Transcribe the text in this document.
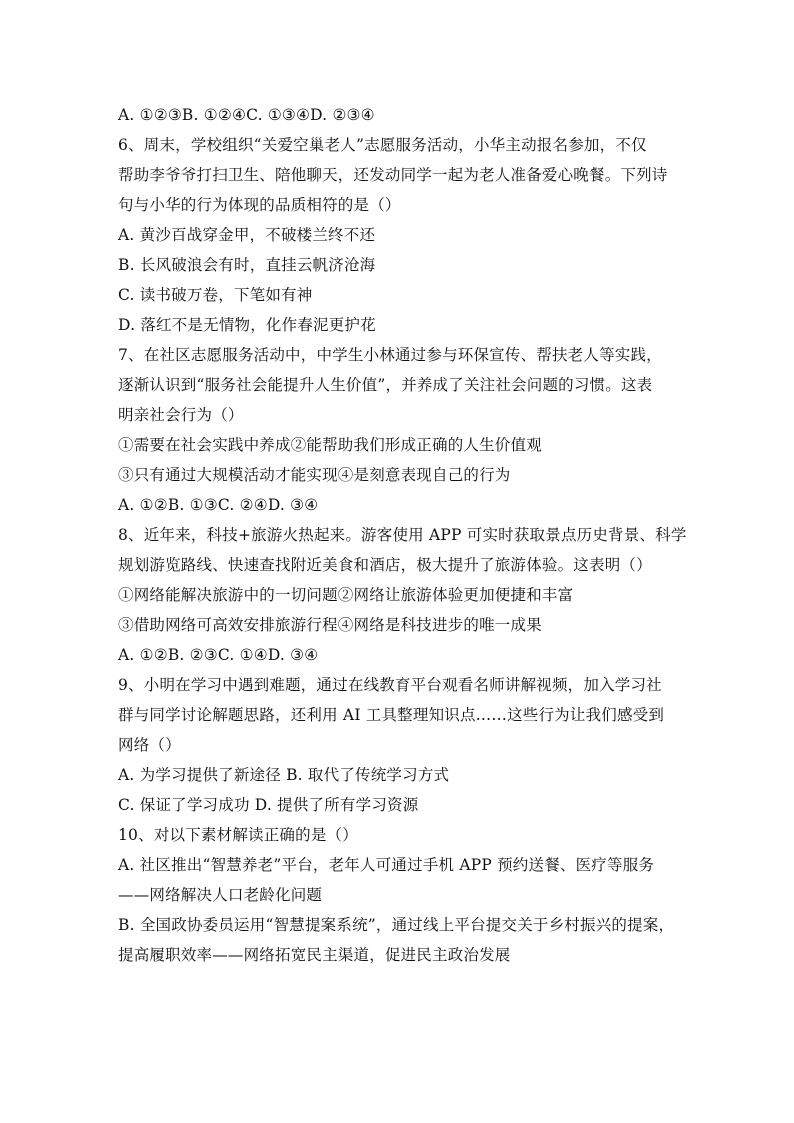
A. ①②③B. ①②④C. ①③④D. ②③④
6、周末，学校组织“关爱空巢老人”志愿服务活动，小华主动报名参加，不仅
帮助李爷爷打扫卫生、陪他聊天，还发动同学一起为老人准备爱心晚餐。下列诗
句与小华的行为体现的品质相符的是（）
A. 黄沙百战穿金甲，不破楼兰终不还
B. 长风破浪会有时，直挂云帆济沧海
C. 读书破万卷，下笔如有神
D. 落红不是无情物，化作春泥更护花
7、在社区志愿服务活动中，中学生小林通过参与环保宣传、帮扶老人等实践，
逐渐认识到“服务社会能提升人生价值”，并养成了关注社会问题的习惯。这表
明亲社会行为（）
①需要在社会实践中养成②能帮助我们形成正确的人生价值观
③只有通过大规模活动才能实现④是刻意表现自己的行为
A. ①②B. ①③C. ②④D. ③④
8、近年来，科技+旅游火热起来。游客使用 APP 可实时获取景点历史背景、科学
规划游览路线、快速查找附近美食和酒店，极大提升了旅游体验。这表明（）
①网络能解决旅游中的一切问题②网络让旅游体验更加便捷和丰富
③借助网络可高效安排旅游行程④网络是科技进步的唯一成果
A. ①②B. ②③C. ①④D. ③④
9、小明在学习中遇到难题，通过在线教育平台观看名师讲解视频，加入学习社
群与同学讨论解题思路，还利用 AI 工具整理知识点……这些行为让我们感受到
网络（）
A. 为学习提供了新途径 B. 取代了传统学习方式
C. 保证了学习成功 D. 提供了所有学习资源
10、对以下素材解读正确的是（）
A. 社区推出“智慧养老”平台，老年人可通过手机 APP 预约送餐、医疗等服务
——网络解决人口老龄化问题
B. 全国政协委员运用“智慧提案系统”，通过线上平台提交关于乡村振兴的提案，
提高履职效率——网络拓宽民主渠道，促进民主政治发展
